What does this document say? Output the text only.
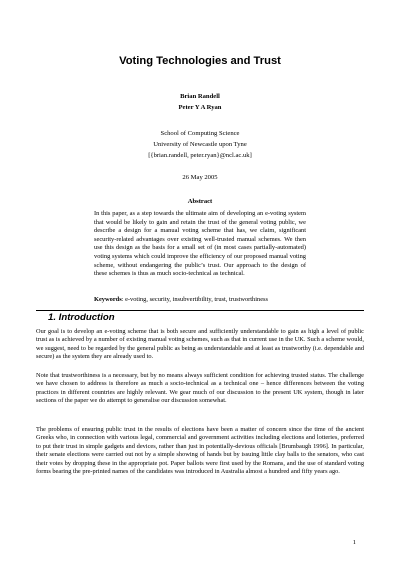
Voting Technologies and Trust
Brian Randell
Peter Y A Ryan
School of Computing Science
University of Newcastle upon Tyne
[{brian.randell, peter.ryan}@ncl.ac.uk]
26 May 2005
Abstract
In this paper, as a step towards the ultimate aim of developing an e-voting system that would be likely to gain and retain the trust of the general voting public, we describe a design for a manual voting scheme that has, we claim, significant security-related advantages over existing well-trusted manual schemes. We then use this design as the basis for a small set of (in most cases partially-automated) voting systems which could improve the efficiency of our proposed manual voting scheme, without endangering the public’s trust. Our approach to the design of these schemes is thus as much socio-technical as technical.
Keywords: e-voting, security, insubvertibility, trust, trustworthiness
1. Introduction
Our goal is to develop an e-voting scheme that is both secure and sufficiently understandable to gain as high a level of public trust as is achieved by a number of existing manual voting schemes, such as that in current use in the UK. Such a scheme would, we suggest, need to be regarded by the general public as being as understandable and at least as trustworthy (i.e. dependable and secure) as the system they are already used to.
Note that trustworthiness is a necessary, but by no means always sufficient condition for achieving trusted status. The challenge we have chosen to address is therefore as much a socio-technical as a technical one – hence differences between the voting practices in different countries are highly relevant. We gear much of our discussion to the present UK system, though in later sections of the paper we do attempt to generalise our discussion somewhat.
The problems of ensuring public trust in the results of elections have been a matter of concern since the time of the ancient Greeks who, in connection with various legal, commercial and government activities including elections and lotteries, preferred to put their trust in simple gadgets and devices, rather than just in potentially-devious officials [Brumbaugh 1996]. In particular, their senate elections were carried out not by a simple showing of hands but by issuing little clay balls to the senators, who cast their votes by dropping these in the appropriate pot. Paper ballots were first used by the Romans, and the use of standard voting forms bearing the pre-printed names of the candidates was introduced in Australia almost a hundred and fifty years ago.
1
